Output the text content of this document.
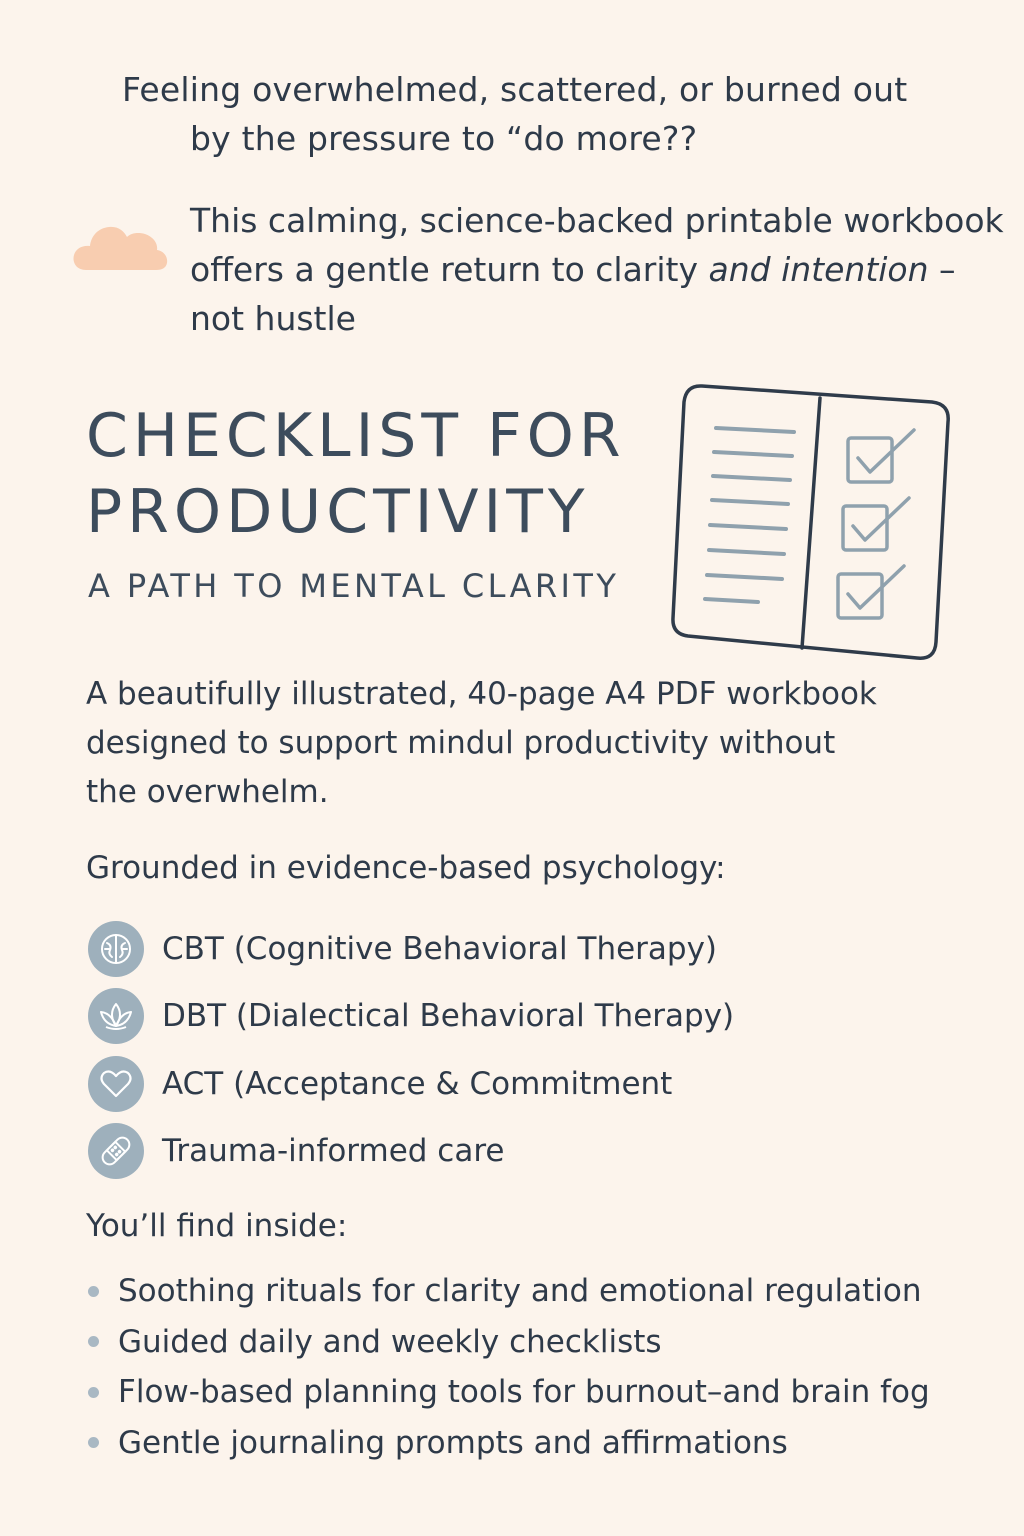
Feeling overwhelmed, scattered, or burned out
by the pressure to “do more??
This calming, science-backed printable workbook
offers a gentle return to clarity and intention –
not hustle
CHECKLIST FOR
PRODUCTIVITY
A PATH TO MENTAL CLARITY
A beautifully illustrated, 40-page A4 PDF workbook
designed to support mindul productivity without
the overwhelm.
Grounded in evidence-based psychology:
CBT (Cognitive Behavioral Therapy)
DBT (Dialectical Behavioral Therapy)
ACT (Acceptance & Commitment
Trauma-informed care
You’ll find inside:
Soothing rituals for clarity and emotional regulation
Guided daily and weekly checklists
Flow-based planning tools for burnout–and brain fog
Gentle journaling prompts and affirmations
